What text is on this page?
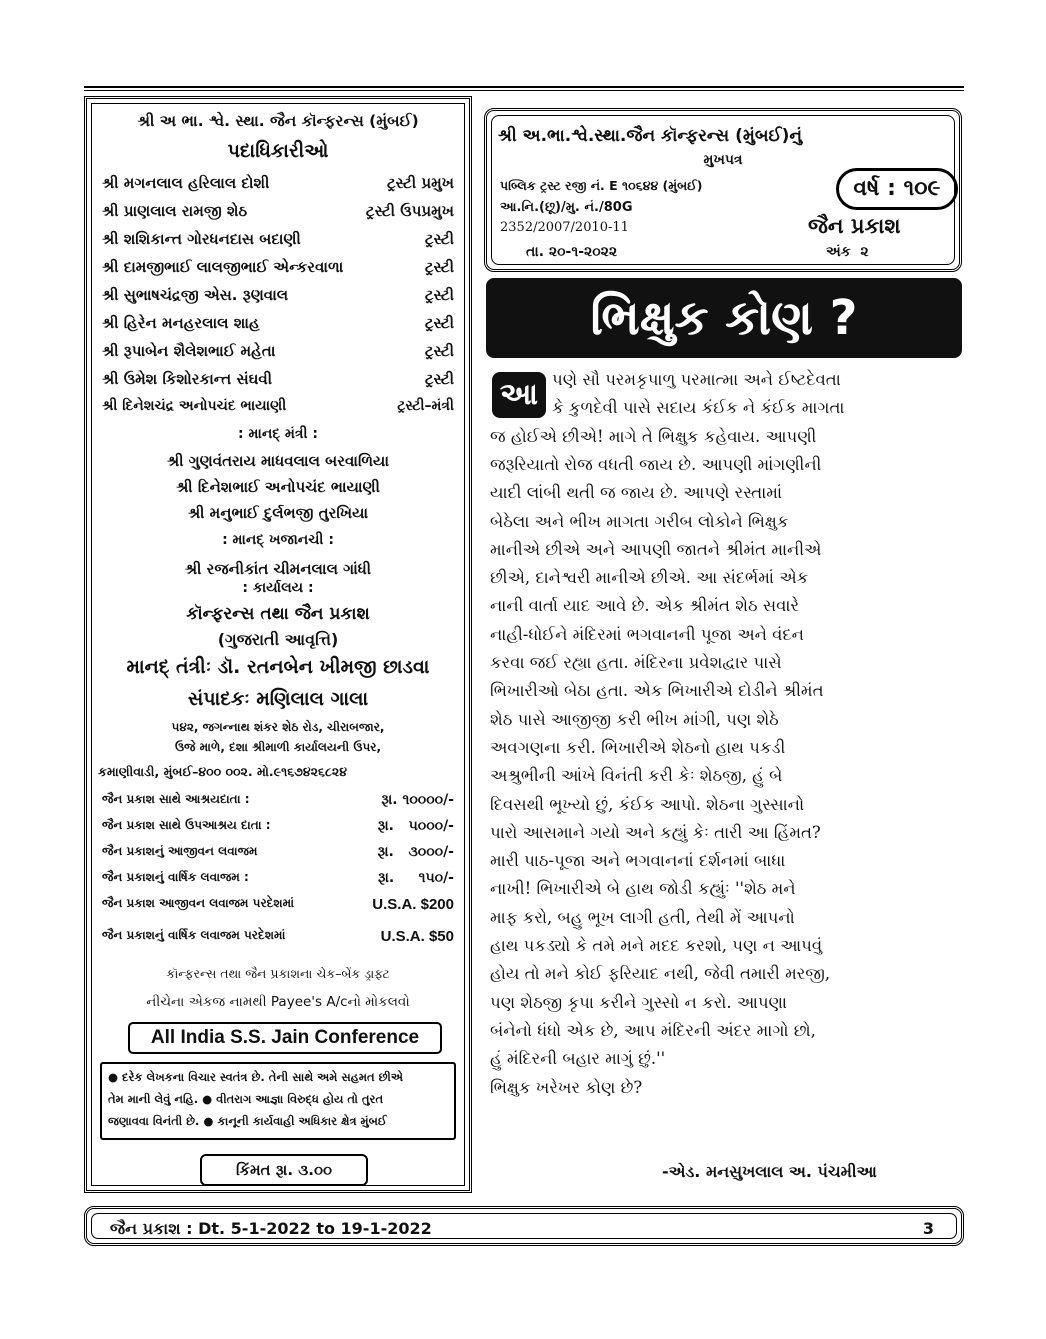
શ્રી અ ભા. શ્વે. સ્થા. જૈન કૉન્ફરન્સ (મુંબઈ)
પદાધિકારીઓ
શ્રી મગનલાલ હરિલાલ દોશી	ટ્રસ્ટી પ્રમુખ
શ્રી પ્રાણલાલ રામજી શેઠ	ટ્રસ્ટી ઉપપ્રમુખ
શ્રી શશિકાન્ત ગોરધનદાસ બદાણી	ટ્રસ્ટી
શ્રી દામજીભાઈ લાલજીભાઈ એન્કરવાળા	ટ્રસ્ટી
શ્રી સુભાષચંદ્રજી એસ. રૂણવાલ	ટ્રસ્ટી
શ્રી હિરેન મનહરલાલ શાહ	ટ્રસ્ટી
શ્રી રૂપાબેન શૈલેશભાઈ મહેતા	ટ્રસ્ટી
શ્રી ઉમેશ કિશોરકાન્ત સંઘવી	ટ્રસ્ટી
શ્રી દિનેશચંદ્ર અનોપચંદ ભાયાણી	ટ્રસ્ટી–મંત્રી
: માનદ્ મંત્રી :
શ્રી ગુણવંતરાય માધવલાલ બરવાળિયા
શ્રી દિનેશભાઈ અનોપચંદ ભાયાણી
શ્રી મનુભાઈ દુર્લભજી તુરખિયા
: માનદ્ ખજાનચી :
શ્રી રજનીકાંત ચીમનલાલ ગાંધી
: કાર્યાલય :
કૉન્ફરન્સ તથા જૈન પ્રકાશ
(ગુજરાતી આવૃત્તિ)
માનદ્ તંત્રીઃ ડૉ. રતનબેન ખીમજી છાડવા
સંપાદકઃ મણિલાલ ગાલા
૫૪૨, જગન્નાથ શંકર શેઠ રોડ, ચીરાબજાર,
ઉજે માળે, દશા શ્રીમાળી કાર્યાલયની ઉપર,
કમાણીવાડી, મુંબઈ–૪૦૦ ૦૦૨. મો.૯૧૬૭૪૨૬૮૨૪
જૈન પ્રકાશ સાથે આશ્રયદાતા :	રૂા. ૧૦૦૦૦/-
જૈન પ્રકાશ સાથે ઉપઆશ્રય દાતા :	રૂા.   ૫૦૦૦/-
જૈન પ્રકાશનું આજીવન લવાજમ	રૂા.   ૩૦૦૦/-
જૈન પ્રકાશનું વાર્ષિક લવાજમ :	રૂા.     ૧૫૦/-
જૈન પ્રકાશ આજીવન લવાજમ પરદેશમાં	U.S.A. $200
જૈન પ્રકાશનું વાર્ષિક લવાજમ પરદેશમાં	U.S.A. $50
કૉન્ફરન્સ તથા જૈન પ્રકાશના ચેક–બેંક ડ્રાફ્ટ
નીચેના એકજ નામથી Payee's A/cનો મોકલવો
All India S.S. Jain Conference
● દરેક લેખકના વિચાર સ્વતંત્ર છે. તેની સાથે અમે સહમત છીએ
તેમ માની લેવું નહિ. ● વીતરાગ આજ્ઞા વિરુદ્ધ હોય તો તુરત
જણાવવા વિનંતી છે. ● કાનૂની કાર્યવાહી અધિકાર ક્ષેત્ર મુંબઈ
કિંમત રૂા. ૩.૦૦
શ્રી અ.ભા.શ્વે.સ્થા.જૈન કૉન્ફરન્સ (મુંબઈ)નું
મુખપત્ર
પબ્લિક ટ્રસ્ટ રજી નં. E ૧૦૬૪૪ (મુંબઈ)
આ.નિ.(છૂ)/મુ. નં./80G
2352/2007/2010-11
તા. ૨૦-૧-૨૦૨૨
વર્ષ : ૧૦૯
જૈન પ્રકાશ
અંક  ૨
ભિક્ષુક કોણ ?
આ પણે સૌ પરમકૃપાળુ પરમાત્મા અને ઈષ્ટદેવતા
કે કુળદેવી પાસે સદાય કંઈક ને કંઈક માગતા
જ હોઈએ છીએ! માગે તે ભિક્ષુક કહેવાય. આપણી
જરૂરિયાતો રોજ વધતી જાય છે. આપણી માંગણીની
યાદી લાંબી થતી જ જાય છે. આપણે રસ્તામાં
બેઠેલા અને ભીખ માગતા ગરીબ લોકોને ભિક્ષુક
માનીએ છીએ અને આપણી જાતને શ્રીમંત માનીએ
છીએ, દાનેશ્વરી માનીએ છીએ. આ સંદર્ભમાં એક
નાની વાર્તા યાદ આવે છે. એક શ્રીમંત શેઠ સવારે
નાહી-ધોઈને મંદિરમાં ભગવાનની પૂજા અને વંદન
કરવા જઈ રહ્યા હતા. મંદિરના પ્રવેશદ્વાર પાસે
ભિખારીઓ બેઠા હતા. એક ભિખારીએ દોડીને શ્રીમંત
શેઠ પાસે આજીજી કરી ભીખ માંગી, પણ શેઠે
અવગણના કરી. ભિખારીએ શેઠનો હાથ પકડી
અશ્રુભીની આંખે વિનંતી કરી કેઃ શેઠજી, હું બે
દિવસથી ભૂખ્યો છું, કંઈક આપો. શેઠના ગુસ્સાનો
પારો આસમાને ગયો અને કહ્યું કેઃ તારી આ હિંમત?
મારી પાઠ-પૂજા અને ભગવાનનાં દર્શનમાં બાધા
નાખી! ભિખારીએ બે હાથ જોડી કહ્યુંઃ ''શેઠ મને
માફ કરો, બહુ ભૂખ લાગી હતી, તેથી મેં આપનો
હાથ પકડ્યો કે તમે મને મદદ કરશો, પણ ન આપવું
હોય તો મને કોઈ ફરિયાદ નથી, જેવી તમારી મરજી,
પણ શેઠજી કૃપા કરીને ગુસ્સો ન કરો. આપણા
બંનેનો ધંધો એક છે, આપ મંદિરની અંદર માગો છો,
હું મંદિરની બહાર માગું છું.''
ભિક્ષુક ખરેખર કોણ છે?
-એડ. મનસુખલાલ અ. પંચમીઆ
જૈન પ્રકાશ : Dt. 5-1-2022 to 19-1-2022	3
